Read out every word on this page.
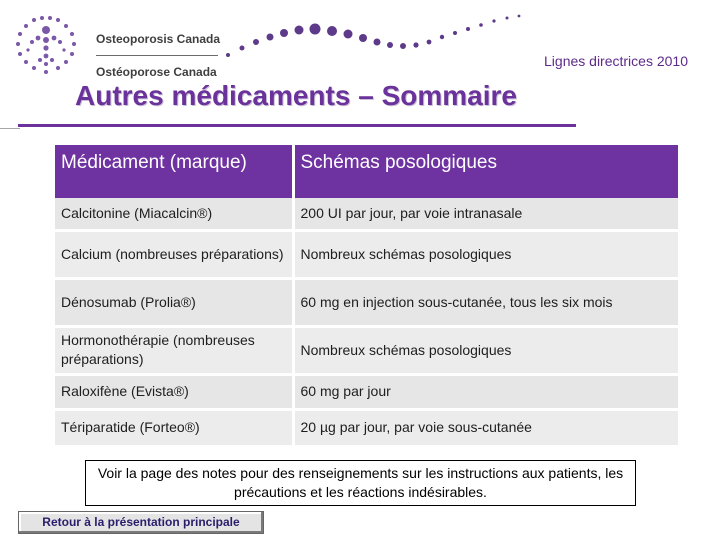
Osteoporosis Canada
Ostéoporose Canada
Lignes directrices 2010
Autres médicaments – Sommaire
Médicament (marque)	Schémas posologiques
Calcitonine (Miacalcin®)	200 UI par jour, par voie intranasale
Calcium (nombreuses préparations)	Nombreux schémas posologiques
Dénosumab (Prolia®)	60 mg en injection sous-cutanée, tous les six mois
Hormonothérapie (nombreuses préparations)	Nombreux schémas posologiques
Raloxifène (Evista®)	60 mg par jour
Tériparatide (Forteo®)	20 µg par jour, par voie sous-cutanée
Voir la page des notes pour des renseignements sur les instructions aux patients, les précautions et les réactions indésirables.
Retour à la présentation principale
